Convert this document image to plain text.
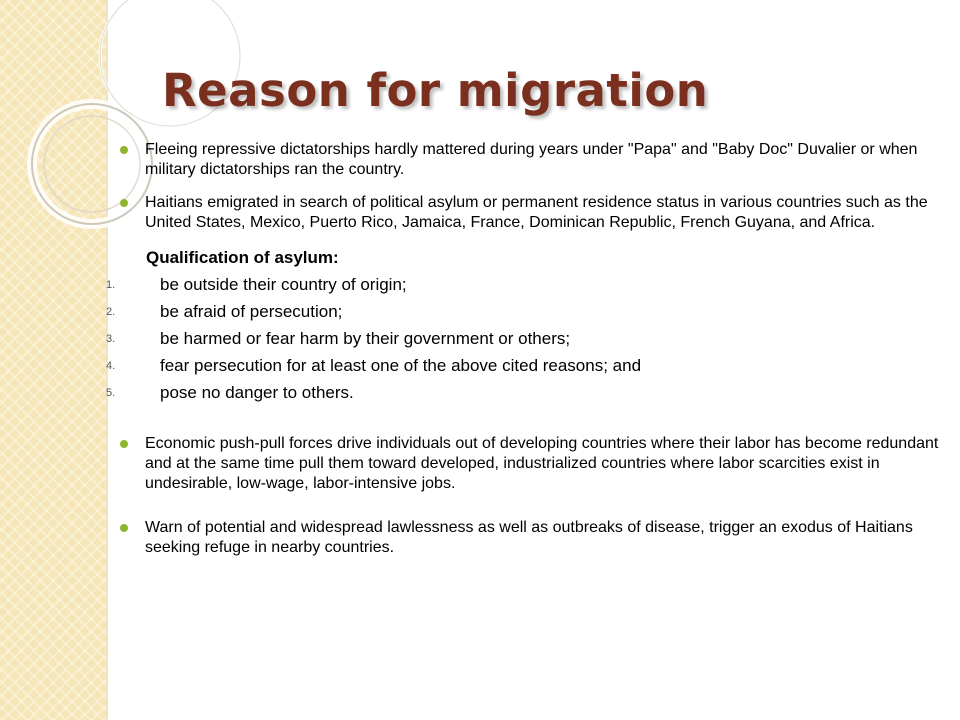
Reason for migration
Fleeing repressive dictatorships hardly mattered during years under "Papa" and "Baby Doc" Duvalier or when military dictatorships ran the country.
Haitians emigrated in search of political asylum or permanent residence status in various countries such as the United States, Mexico, Puerto Rico, Jamaica, France, Dominican Republic, French Guyana, and Africa.

Qualification of asylum:

1.	be outside their country of origin;
2.	be afraid of persecution;
3.	be harmed or fear harm by their government or others;
4.	fear persecution for at least one of the above cited reasons; and
5.	pose no danger to others.
Economic push-pull forces drive individuals out of developing countries where their labor has become redundant and at the same time pull them toward developed, industrialized countries where labor scarcities exist in undesirable, low-wage, labor-intensive jobs.
Warn of potential and widespread lawlessness as well as outbreaks of disease, trigger an exodus of Haitians seeking refuge in nearby countries.
